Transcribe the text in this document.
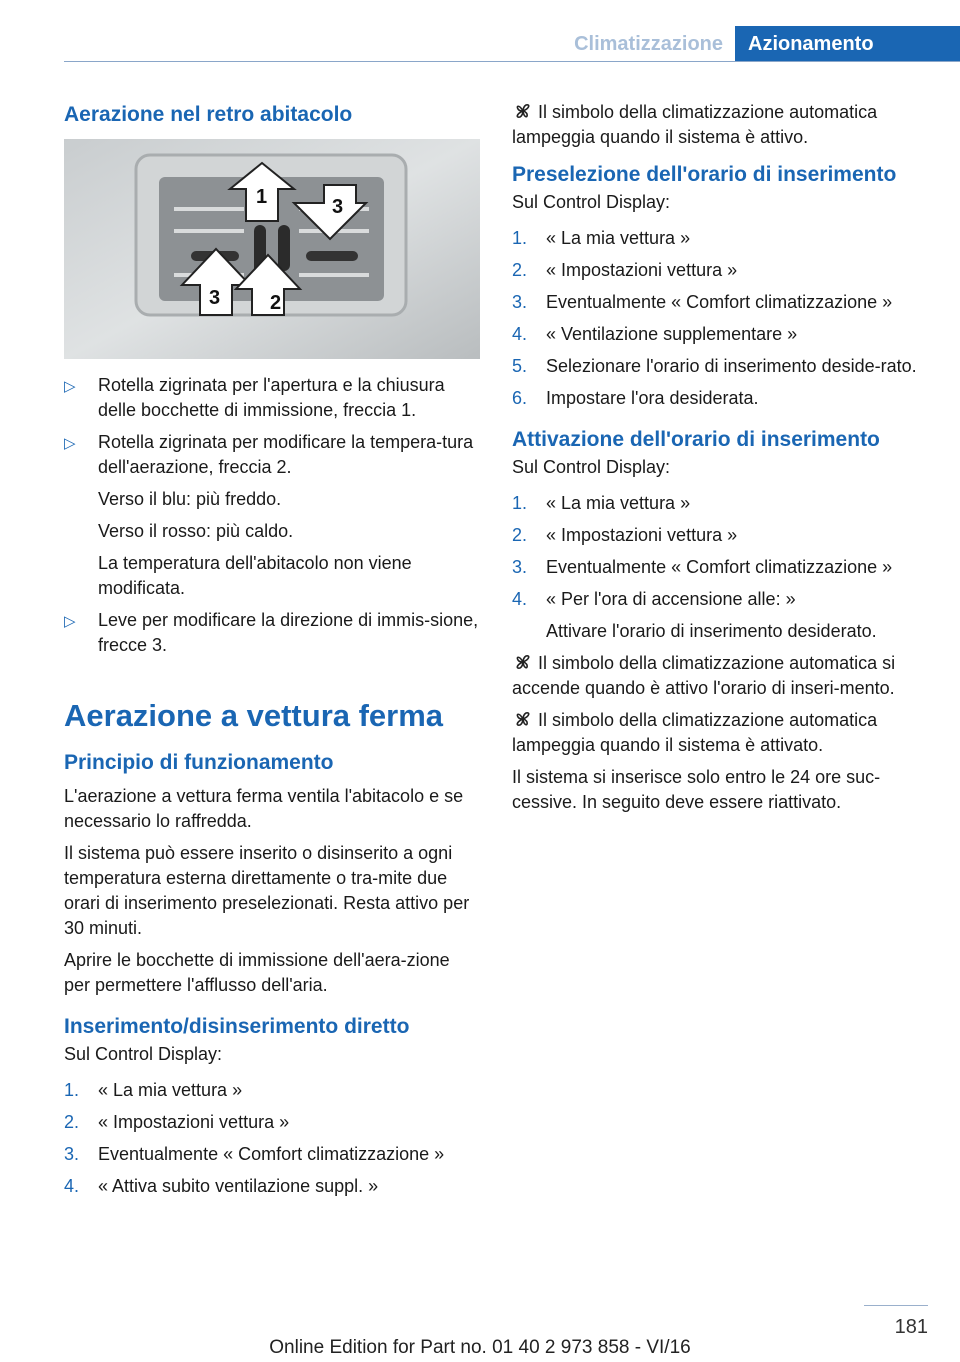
Climatizzazione	Azionamento
Aerazione nel retro abitacolo
1
2
3
3
▷ Rotella zigrinata per l'apertura e la chiusura delle bocchette di immissione, freccia 1.
▷ Rotella zigrinata per modificare la tempera‐tura dell'aerazione, freccia 2.
Verso il blu: più freddo.
Verso il rosso: più caldo.
La temperatura dell'abitacolo non viene modificata.
▷ Leve per modificare la direzione di immis‐sione, frecce 3.
Aerazione a vettura ferma
Principio di funzionamento

L'aerazione a vettura ferma ventila l'abitacolo e se necessario lo raffredda.

Il sistema può essere inserito o disinserito a ogni temperatura esterna direttamente o tra‐mite due orari di inserimento preselezionati. Resta attivo per 30 minuti.

Aprire le bocchette di immissione dell'aera‐zione per permettere l'afflusso dell'aria.

Inserimento/disinserimento diretto

Sul Control Display:

1. « La mia vettura »
2. « Impostazioni vettura »
3. Eventualmente « Comfort climatizzazione »
4. « Attiva subito ventilazione suppl. »

Il simbolo della climatizzazione automatica lampeggia quando il sistema è attivo.

Preselezione dell'orario di inserimento

Sul Control Display:

1. « La mia vettura »
2. « Impostazioni vettura »
3. Eventualmente « Comfort climatizzazione »
4. « Ventilazione supplementare »
5. Selezionare l'orario di inserimento deside‐rato.
6. Impostare l'ora desiderata.
Attivazione dell'orario di inserimento

Sul Control Display:

1. « La mia vettura »
2. « Impostazioni vettura »
3. Eventualmente « Comfort climatizzazione »
4. « Per l'ora di accensione alle: »
Attivare l'orario di inserimento desiderato.

Il simbolo della climatizzazione automatica si accende quando è attivo l'orario di inseri‐mento.

Il simbolo della climatizzazione automatica lampeggia quando il sistema è attivato.

Il sistema si inserisce solo entro le 24 ore suc‐cessive. In seguito deve essere riattivato.

181
Online Edition for Part no. 01 40 2 973 858 - VI/16
